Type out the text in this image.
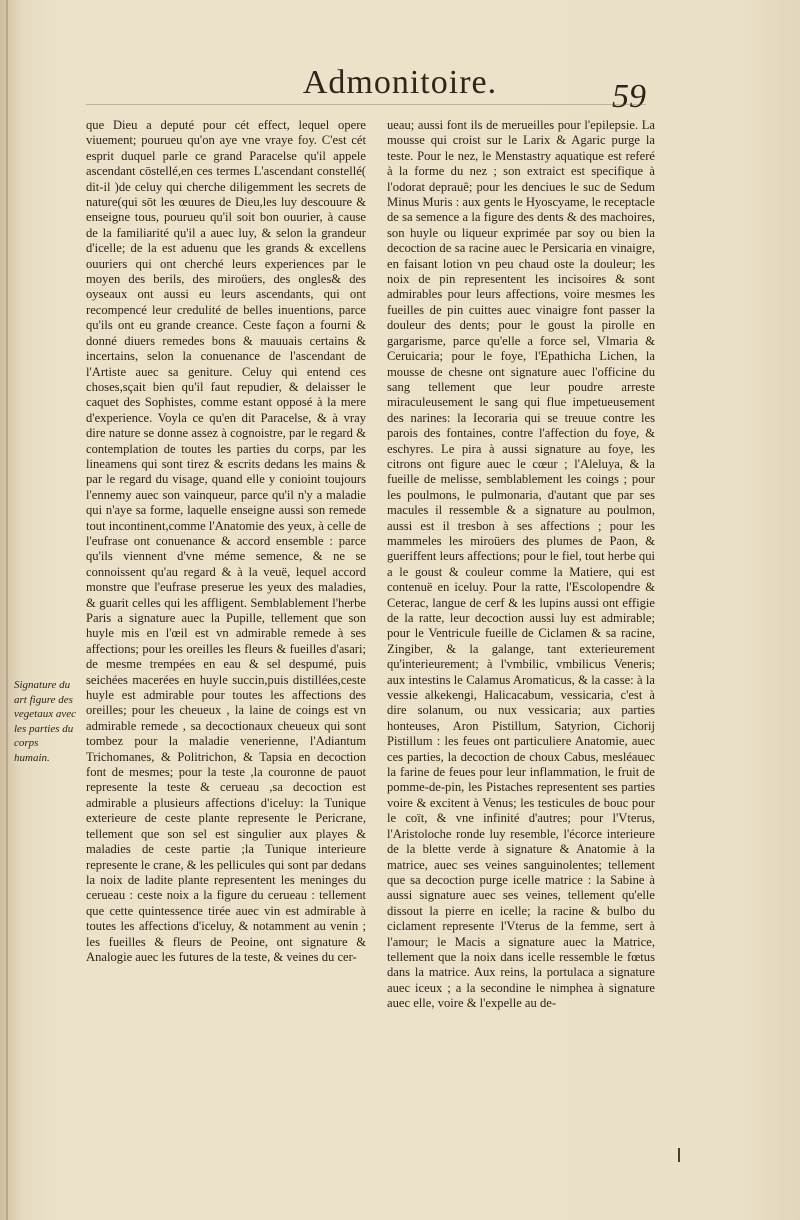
Admonitoire.	59
Signature du art figure des vegetaux avec les parties du corps humain.

que Dieu a deputé pour cét effect, lequel opere viuement; pourueu qu'on aye vne vraye foy. C'est cét esprit duquel parle ce grand Paracelse qu'il appele ascendant cōstellé,en ces termes L'ascendant constellé( dit-il )de celuy qui cherche diligemment les secrets de nature(qui sōt les œuures de Dieu,les luy descouure & enseigne tous, pourueu qu'il soit bon ouurier, à cause de la familiarité qu'il a auec luy, & selon la grandeur d'icelle; de la est aduenu que les grands & excellens ouuriers qui ont cherché leurs experiences par le moyen des berils, des miroüers, des ongles& des oyseaux ont aussi eu leurs ascendants, qui ont recompencé leur credulité de belles inuentions, parce qu'ils ont eu grande creance. Ceste façon a fourni & donné diuers remedes bons & mauuais certains & incertains, selon la conuenance de l'ascendant de l'Artiste auec sa geniture. Celuy qui entend ces choses,sçait bien qu'il faut repudier, & delaisser le caquet des Sophistes, comme estant opposé à la mere d'experience. Voyla ce qu'en dit Paracelse, & à vray dire nature se donne assez à cognoistre, par le regard & contemplation de toutes les parties du corps, par les lineamens qui sont tirez & escrits dedans les mains & par le regard du visage, quand elle y conioint toujours l'ennemy auec son vainqueur, parce qu'il n'y a maladie qui n'aye sa forme, laquelle enseigne aussi son remede tout incontinent,comme l'Anatomie des yeux, à celle de l'eufrase ont conuenance & accord ensemble : parce qu'ils viennent d'vne méme semence, & ne se connoissent qu'au regard & à la veuë, lequel accord monstre que l'eufrase preserue les yeux des maladies, & guarit celles qui les affligent. Semblablement l'herbe Paris a signature auec la Pupille, tellement que son huyle mis en l'œil est vn admirable remede à ses affections; pour les oreilles les fleurs & fueilles d'asari; de mesme trempées en eau & sel despumé, puis seichées macerées en huyle succin,puis distillées,ceste huyle est admirable pour toutes les affections des oreilles; pour les cheueux , la laine de coings est vn admirable remede , sa decoctionaux cheueux qui sont tombez pour la maladie venerienne, l'Adiantum Trichomanes, & Politrichon, & Tapsia en decoction font de mesmes; pour la teste ,la couronne de pauot represente la teste & cerueau ,sa decoction est admirable a plusieurs affections d'iceluy: la Tunique exterieure de ceste plante represente le Pericrane, tellement que son sel est singulier aux playes & maladies de ceste partie ;la Tunique interieure represente le crane, & les pellicules qui sont par dedans la noix de ladite plante representent les meninges du cerueau : ceste noix a la figure du cerueau : tellement que cette quintessence tirée auec vin est admirable à toutes les affections d'iceluy, & notamment au venin ; les fueilles & fleurs de Peoine, ont signature & Analogie auec les futures de la teste, & veines du cer-

ueau; aussi font ils de merueilles pour l'epilepsie. La mousse qui croist sur le Larix & Agaric purge la teste. Pour le nez, le Menstastry aquatique est referé à la forme du nez ; son extraict est specifique à l'odorat deprauê; pour les denciues le suc de Sedum Minus Muris : aux gents le Hyoscyame, le receptacle de sa semence a la figure des dents & des machoires, son huyle ou liqueur exprimée par soy ou bien la decoction de sa racine auec le Persicaria en vinaigre, en faisant lotion vn peu chaud oste la douleur; les noix de pin representent les incisoires & sont admirables pour leurs affections, voire mesmes les fueilles de pin cuittes auec vinaigre font passer la douleur des dents; pour le goust la pirolle en gargarisme, parce qu'elle a force sel, Vlmaria & Ceruicaria; pour le foye, l'Epathicha Lichen, la mousse de chesne ont signature auec l'officine du sang tellement que leur poudre arreste miraculeusement le sang qui flue impetueusement des narines: la Iecoraria qui se treuue contre les parois des fontaines, contre l'affection du foye, & eschyres. Le pira à aussi signature au foye, les citrons ont figure auec le cœur ; l'Aleluya, & la fueille de melisse, semblablement les coings ; pour les poulmons, le pulmonaria, d'autant que par ses macules il ressemble & a signature au poulmon, aussi est il tresbon à ses affections ; pour les mammeles les miroüers des plumes de Paon, & gueriffent leurs affections; pour le fiel, tout herbe qui a le goust & couleur comme la Matiere, qui est contenuë en iceluy. Pour la ratte, l'Escolopendre & Ceterac, langue de cerf & les lupins aussi ont effigie de la ratte, leur decoction aussi luy est admirable; pour le Ventricule fueille de Ciclamen & sa racine, Zingiber, & la galange, tant exterieurement qu'interieurement; à l'vmbilic, vmbilicus Veneris; aux intestins le Calamus Aromaticus, & la casse: à la vessie alkekengi, Halicacabum, vessicaria, c'est à dire solanum, ou nux vessicaria; aux parties honteuses, Aron Pistillum, Satyrion, Cichorij Pistillum : les feues ont particuliere Anatomie, auec ces parties, la decoction de choux Cabus, mesléauec la farine de feues pour leur inflammation, le fruit de pomme-de-pin, les Pistaches representent ses parties voire & excitent à Venus; les testicules de bouc pour le coït, & vne infinité d'autres; pour l'Vterus, l'Aristoloche ronde luy resemble, l'écorce interieure de la blette verde à signature & Anatomie à la matrice, auec ses veines sanguinolentes; tellement que sa decoction purge icelle matrice : la Sabine à aussi signature auec ses veines, tellement qu'elle dissout la pierre en icelle; la racine & bulbo du ciclament represente l'Vterus de la femme, sert à l'amour; le Macis a signature auec la Matrice, tellement que la noix dans icelle ressemble le fœtus dans la matrice. Aux reins, la portulaca a signature auec iceux ; a la secondine le nimphea à signature auec elle, voire & l'expelle au de-
